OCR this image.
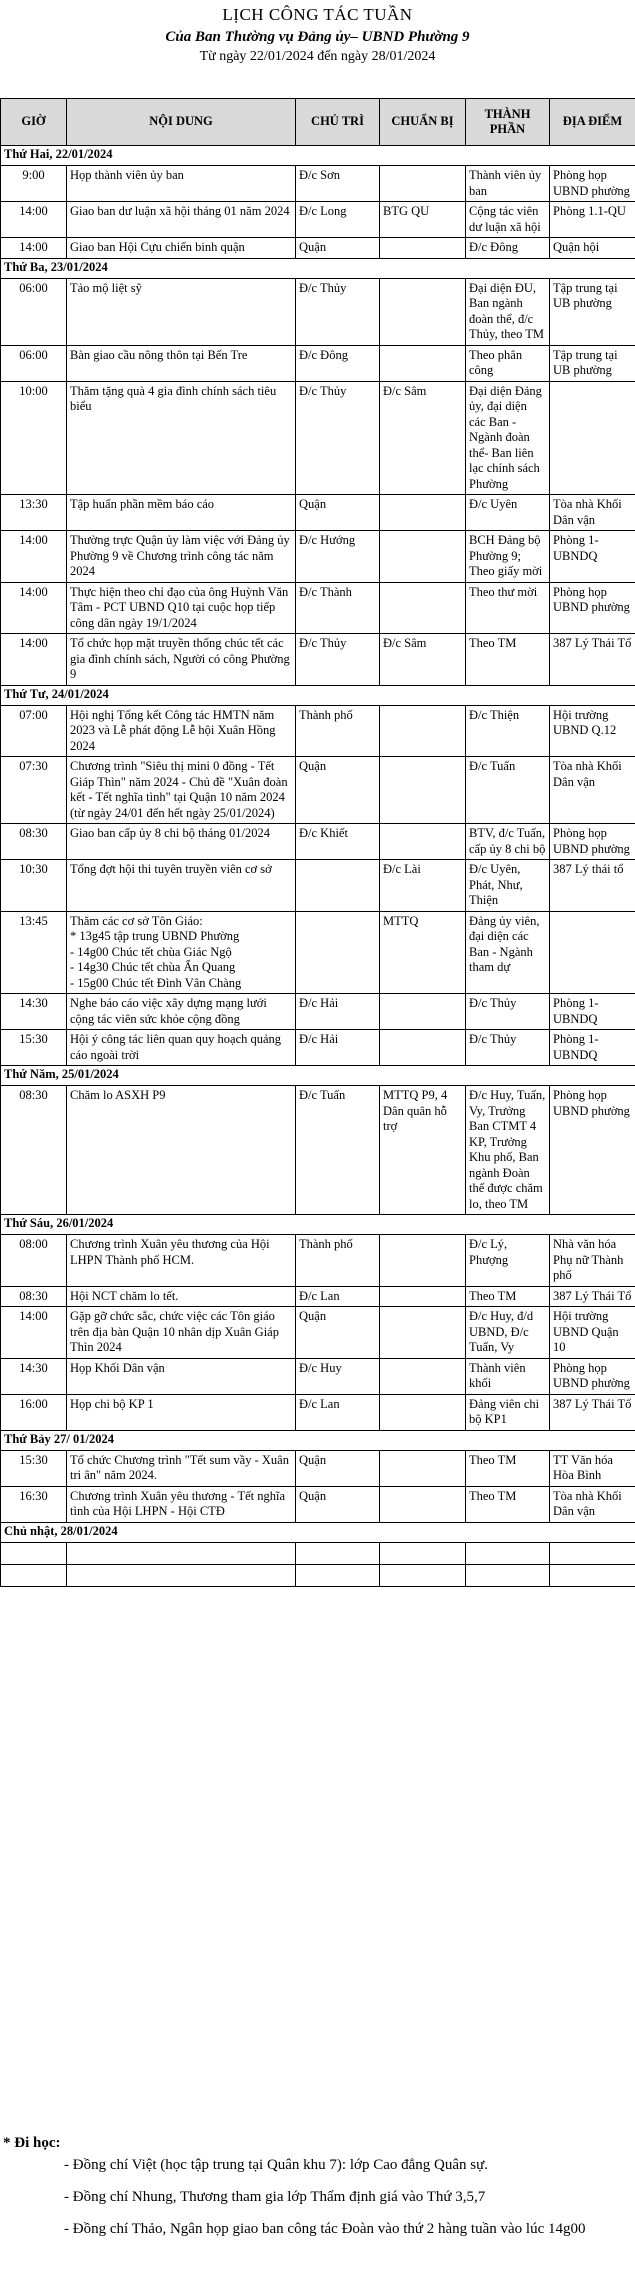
LỊCH CÔNG TÁC TUẦN
Của Ban Thường vụ Đảng ủy– UBND Phường 9
Từ ngày 22/01/2024 đến ngày 28/01/2024
GIỜ	NỘI DUNG	CHỦ TRÌ	CHUẨN BỊ	THÀNH PHẦN	ĐỊA ĐIỂM
Thứ Hai, 22/01/2024					
9:00	Họp thành viên ủy ban	Đ/c Sơn		Thành viên ủy ban	Phòng họp UBND phường
14:00	Giao ban dư luận xã hội tháng 01 năm 2024	Đ/c Long	BTG QU	Cộng tác viên dư luận xã hội	Phòng 1.1-QU
14:00	Giao ban Hội Cựu chiến binh quận	Quận		Đ/c Đông	Quận hội
Thứ Ba, 23/01/2024					
06:00	Tảo mộ liệt sỹ	Đ/c Thủy		Đại diện ĐU, Ban ngành đoàn thể, đ/c Thủy, theo TM	Tập trung tại UB phường
06:00	Bàn giao cầu nông thôn tại Bến Tre	Đ/c Đông		Theo phân công	Tập trung tại UB phường
10:00	Thăm tặng quà 4 gia đình chính sách tiêu biểu	Đ/c Thủy	Đ/c Sâm	Đại diện Đảng ủy, đại diện các Ban - Ngành đoàn thể- Ban liên lạc chính sách Phường	
13:30	Tập huấn phần mềm báo cáo	Quận		Đ/c Uyên	Tòa nhà Khối Dân vận
14:00	Thường trực Quận ủy làm việc với Đảng ủy Phường 9 về Chương trình công tác năm 2024	Đ/c Hướng		BCH Đảng bộ Phường 9; Theo giấy mời	Phòng 1-UBNDQ
14:00	Thực hiện theo chỉ đạo của ông Huỳnh Văn Tâm - PCT UBND Q10 tại cuộc họp tiếp công dân ngày 19/1/2024	Đ/c Thành		Theo thư mời	Phòng họp UBND phường
14:00	Tổ chức họp mặt truyền thống chúc tết các gia đình chính sách, Người có công Phường 9	Đ/c Thủy	Đ/c Sâm	Theo TM	387 Lý Thái Tổ
Thứ Tư, 24/01/2024					
07:00	Hội nghị Tổng kết Công tác HMTN năm 2023 và Lễ phát động Lễ hội Xuân Hồng 2024	Thành phố		Đ/c Thiện	Hội trường UBND Q.12
07:30	Chương trình "Siêu thị mini 0 đồng - Tết Giáp Thìn" năm 2024 - Chủ đề "Xuân đoàn kết - Tết nghĩa tình" tại Quận 10 năm 2024 (từ ngày 24/01 đến hết ngày 25/01/2024)	Quận		Đ/c Tuấn	Tòa nhà Khối Dân vận
08:30	Giao ban cấp ủy 8 chi bộ tháng 01/2024	Đ/c Khiết		BTV, đ/c Tuấn, cấp ủy 8 chi bộ	Phòng họp UBND phường
10:30	Tổng đợt hội thi tuyên truyền viên cơ sở		Đ/c Lài	Đ/c Uyên, Phát, Như, Thiện	387 Lý thái tổ
13:45	Thăm các cơ sở Tôn Giáo:
* 13g45 tập trung UBND Phường
- 14g00 Chúc tết chùa Giác Ngộ
- 14g30 Chúc tết chùa Ấn Quang
- 15g00 Chúc tết Đình Vân Chàng		MTTQ	Đảng ủy viên, đại diện các Ban - Ngành tham dự	
14:30	Nghe báo cáo việc xây dựng mạng lưới cộng tác viên sức khỏe cộng đồng	Đ/c Hải		Đ/c Thủy	Phòng 1-UBNDQ
15:30	Hội ý công tác liên quan quy hoạch quảng cáo ngoài trời	Đ/c Hải		Đ/c Thủy	Phòng 1-UBNDQ
Thứ Năm, 25/01/2024					
08:30	Chăm lo ASXH P9	Đ/c Tuấn	MTTQ P9, 4 Dân quân hỗ trợ	Đ/c Huy, Tuấn, Vy, Trưởng Ban CTMT 4 KP, Trưởng Khu phố, Ban ngành Đoàn thể được chăm lo, theo TM	Phòng họp UBND phường
Thứ Sáu, 26/01/2024					
08:00	Chương trình Xuân yêu thương của Hội LHPN Thành phố HCM.	Thành phố		Đ/c Lý, Phượng	Nhà văn hóa Phụ nữ Thành phố
08:30	Hội NCT chăm lo tết.	Đ/c Lan		Theo TM	387 Lý Thái Tổ
14:00	Gặp gỡ chức sắc, chức việc các Tôn giáo trên địa bàn Quận 10 nhân dịp Xuân Giáp Thìn 2024	Quận		Đ/c Huy, đ/d UBND, Đ/c Tuấn, Vy	Hội trường UBND Quận 10
14:30	Họp Khối Dân vận	Đ/c Huy		Thành viên khối	Phòng họp UBND phường
16:00	Họp chi bộ KP 1	Đ/c Lan		Đảng viên chi bộ KP1	387 Lý Thái Tổ
Thứ Bảy 27/ 01/2024					
15:30	Tổ chức Chương trình "Tết sum vầy - Xuân tri ân" năm 2024.	Quận		Theo TM	TT Văn hóa Hòa Bình
16:30	Chương trình Xuân yêu thương - Tết nghĩa tình của Hội LHPN - Hội CTĐ	Quận		Theo TM	Tòa nhà Khối Dân vận
Chủ nhật, 28/01/2024					

* Đi học:
- Đồng chí Việt (học tập trung tại Quân khu 7): lớp Cao đẳng Quân sự.
- Đồng chí Nhung, Thương tham gia lớp Thẩm định giá vào Thứ 3,5,7
- Đồng chí Thảo, Ngân họp giao ban công tác Đoàn vào thứ 2 hàng tuần vào lúc 14g00
